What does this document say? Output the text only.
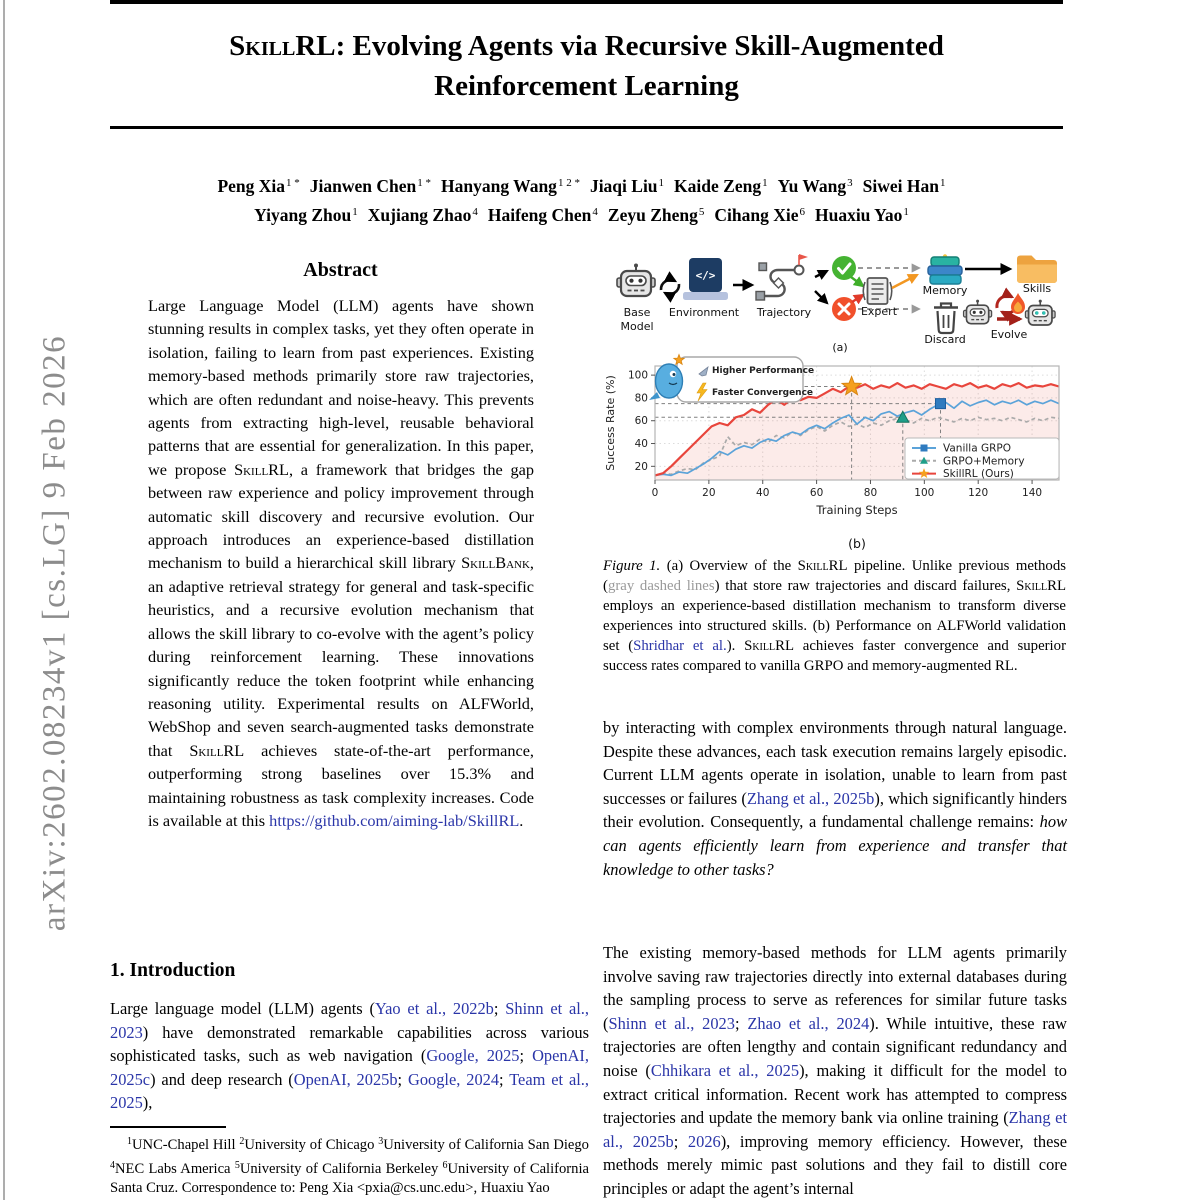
SkillRL: Evolving Agents via Recursive Skill-Augmented
Reinforcement Learning
Peng Xia$^{1 *}$ Jianwen Chen$^{1 *}$ Hanyang Wang$^{1 2 *}$ Jiaqi Liu$^1$ Kaide Zeng$^1$ Yu Wang$^3$ Siwei Han$^1$
Yiyang Zhou$^1$ Xujiang Zhao$^4$ Haifeng Chen$^4$ Zeyu Zheng$^5$ Cihang Xie$^6$ Huaxiu Yao$^1$
arXiv:2602.08234v1 [cs.LG] 9 Feb 2026
Abstract
Large Language Model (LLM) agents have shown stunning results in complex tasks, yet they often operate in isolation, failing to learn from past experiences. Existing memory-based methods primarily store raw trajectories, which are often redundant and noise-heavy. This prevents agents from extracting high-level, reusable behavioral patterns that are essential for generalization. In this paper, we propose SkillRL, a framework that bridges the gap between raw experience and policy improvement through automatic skill discovery and recursive evolution. Our approach introduces an experience-based distillation mechanism to build a hierarchical skill library SkillBank, an adaptive retrieval strategy for general and task-specific heuristics, and a recursive evolution mechanism that allows the skill library to co-evolve with the agent’s policy during reinforcement learning. These innovations significantly reduce the token footprint while enhancing reasoning utility. Experimental results on ALFWorld, WebShop and seven search-augmented tasks demonstrate that SkillRL achieves state-of-the-art performance, outperforming strong baselines over 15.3% and maintaining robustness as task complexity increases. Code is available at this https://github.com/aiming-lab/SkillRL.
1. Introduction
Large language model (LLM) agents (Yao et al., 2022b; Shinn et al., 2023) have demonstrated remarkable capabilities across various sophisticated tasks, such as web navigation (Google, 2025; OpenAI, 2025c) and deep research (OpenAI, 2025b; Google, 2024; Team et al., 2025),
$^1$UNC-Chapel Hill $^2$University of Chicago $^3$University of California San Diego $^4$NEC Labs America $^5$University of California Berkeley $^6$University of California Santa Cruz. Correspondence to: Peng Xia <pxia@cs.unc.edu>, Huaxiu Yao
Base
Model
</>
Environment Trajectory	Expert
Memory
Discard
Skills
Evolve
(a)
0	20	40	60	80	100	120	140
20
40
60
80
100
Training Steps
Success Rate (%)
(b)
Vanilla GRPO
GRPO+Memory
SkillRL (Ours)
Higher Performance
Faster Convergence
Figure 1. (a) Overview of the SkillRL pipeline. Unlike previous methods (gray dashed lines) that store raw trajectories and discard failures, SkillRL employs an experience-based distillation mechanism to transform diverse experiences into structured skills. (b) Performance on ALFWorld validation set (Shridhar et al.). SkillRL achieves faster convergence and superior success rates compared to vanilla GRPO and memory-augmented RL.
by interacting with complex environments through natural language. Despite these advances, each task execution remains largely episodic. Current LLM agents operate in isolation, unable to learn from past successes or failures (Zhang et al., 2025b), which significantly hinders their evolution. Consequently, a fundamental challenge remains: how can agents efficiently learn from experience and transfer that knowledge to other tasks?
The existing memory-based methods for LLM agents primarily involve saving raw trajectories directly into external databases during the sampling process to serve as references for similar future tasks (Shinn et al., 2023; Zhao et al., 2024). While intuitive, these raw trajectories are often lengthy and contain significant redundancy and noise (Chhikara et al., 2025), making it difficult for the model to extract critical information. Recent work has attempted to compress trajectories and update the memory bank via online training (Zhang et al., 2025b; 2026), improving memory efficiency. However, these methods merely mimic past solutions and they fail to distill core principles or adapt the agent’s internal
